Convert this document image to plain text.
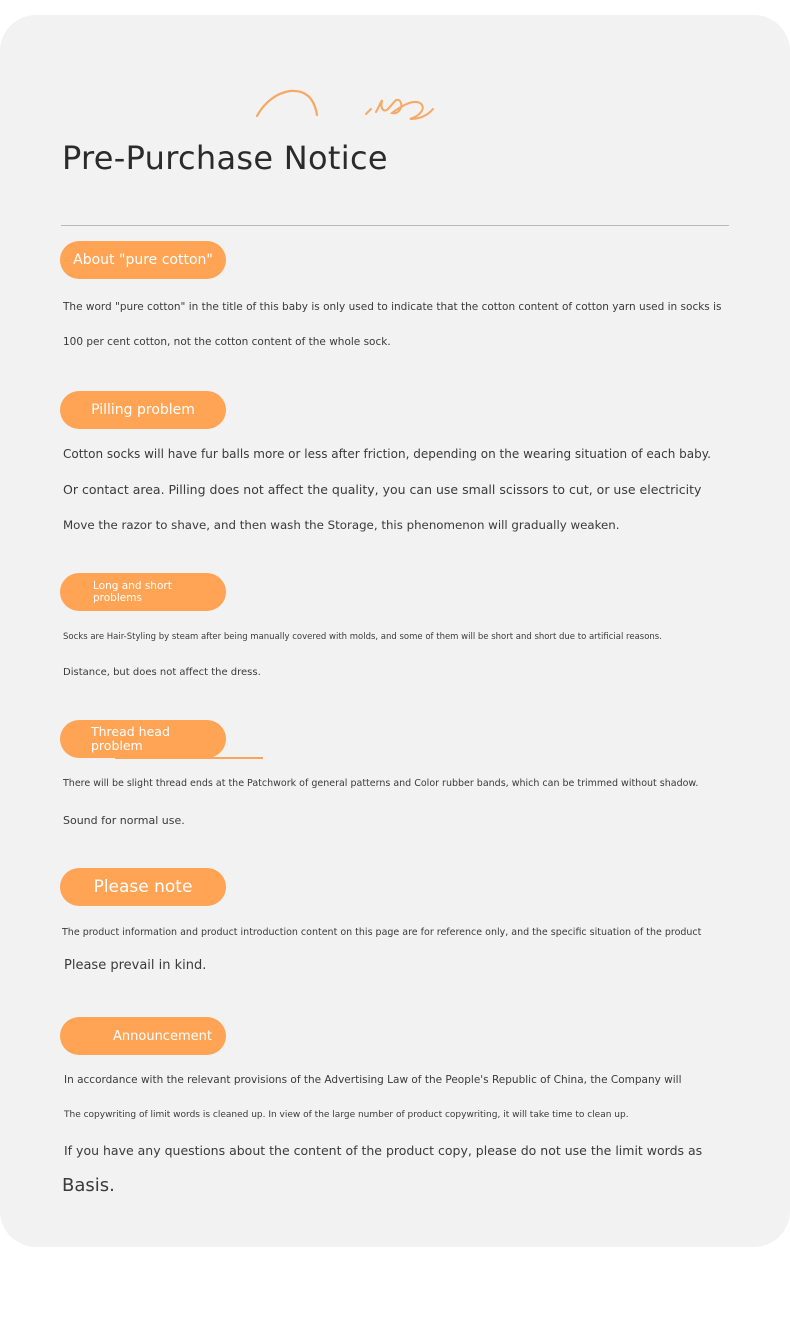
Pre-Purchase Notice
About "pure cotton"
The word "pure cotton" in the title of this baby is only used to indicate that the cotton content of cotton yarn used in socks is
100 per cent cotton, not the cotton content of the whole sock.
Pilling problem
Cotton socks will have fur balls more or less after friction, depending on the wearing situation of each baby.
Or contact area. Pilling does not affect the quality, you can use small scissors to cut, or use electricity
Move the razor to shave, and then wash the Storage, this phenomenon will gradually weaken.
Long and short problems
Socks are Hair-Styling by steam after being manually covered with molds, and some of them will be short and short due to artificial reasons.
Distance, but does not affect the dress.
Thread head problem
There will be slight thread ends at the Patchwork of general patterns and Color rubber bands, which can be trimmed without shadow.
Sound for normal use.
Please note
The product information and product introduction content on this page are for reference only, and the specific situation of the product
Please prevail in kind.
Announcement
In accordance with the relevant provisions of the Advertising Law of the People's Republic of China, the Company will
The copywriting of limit words is cleaned up. In view of the large number of product copywriting, it will take time to clean up.
If you have any questions about the content of the product copy, please do not use the limit words as
Basis.
